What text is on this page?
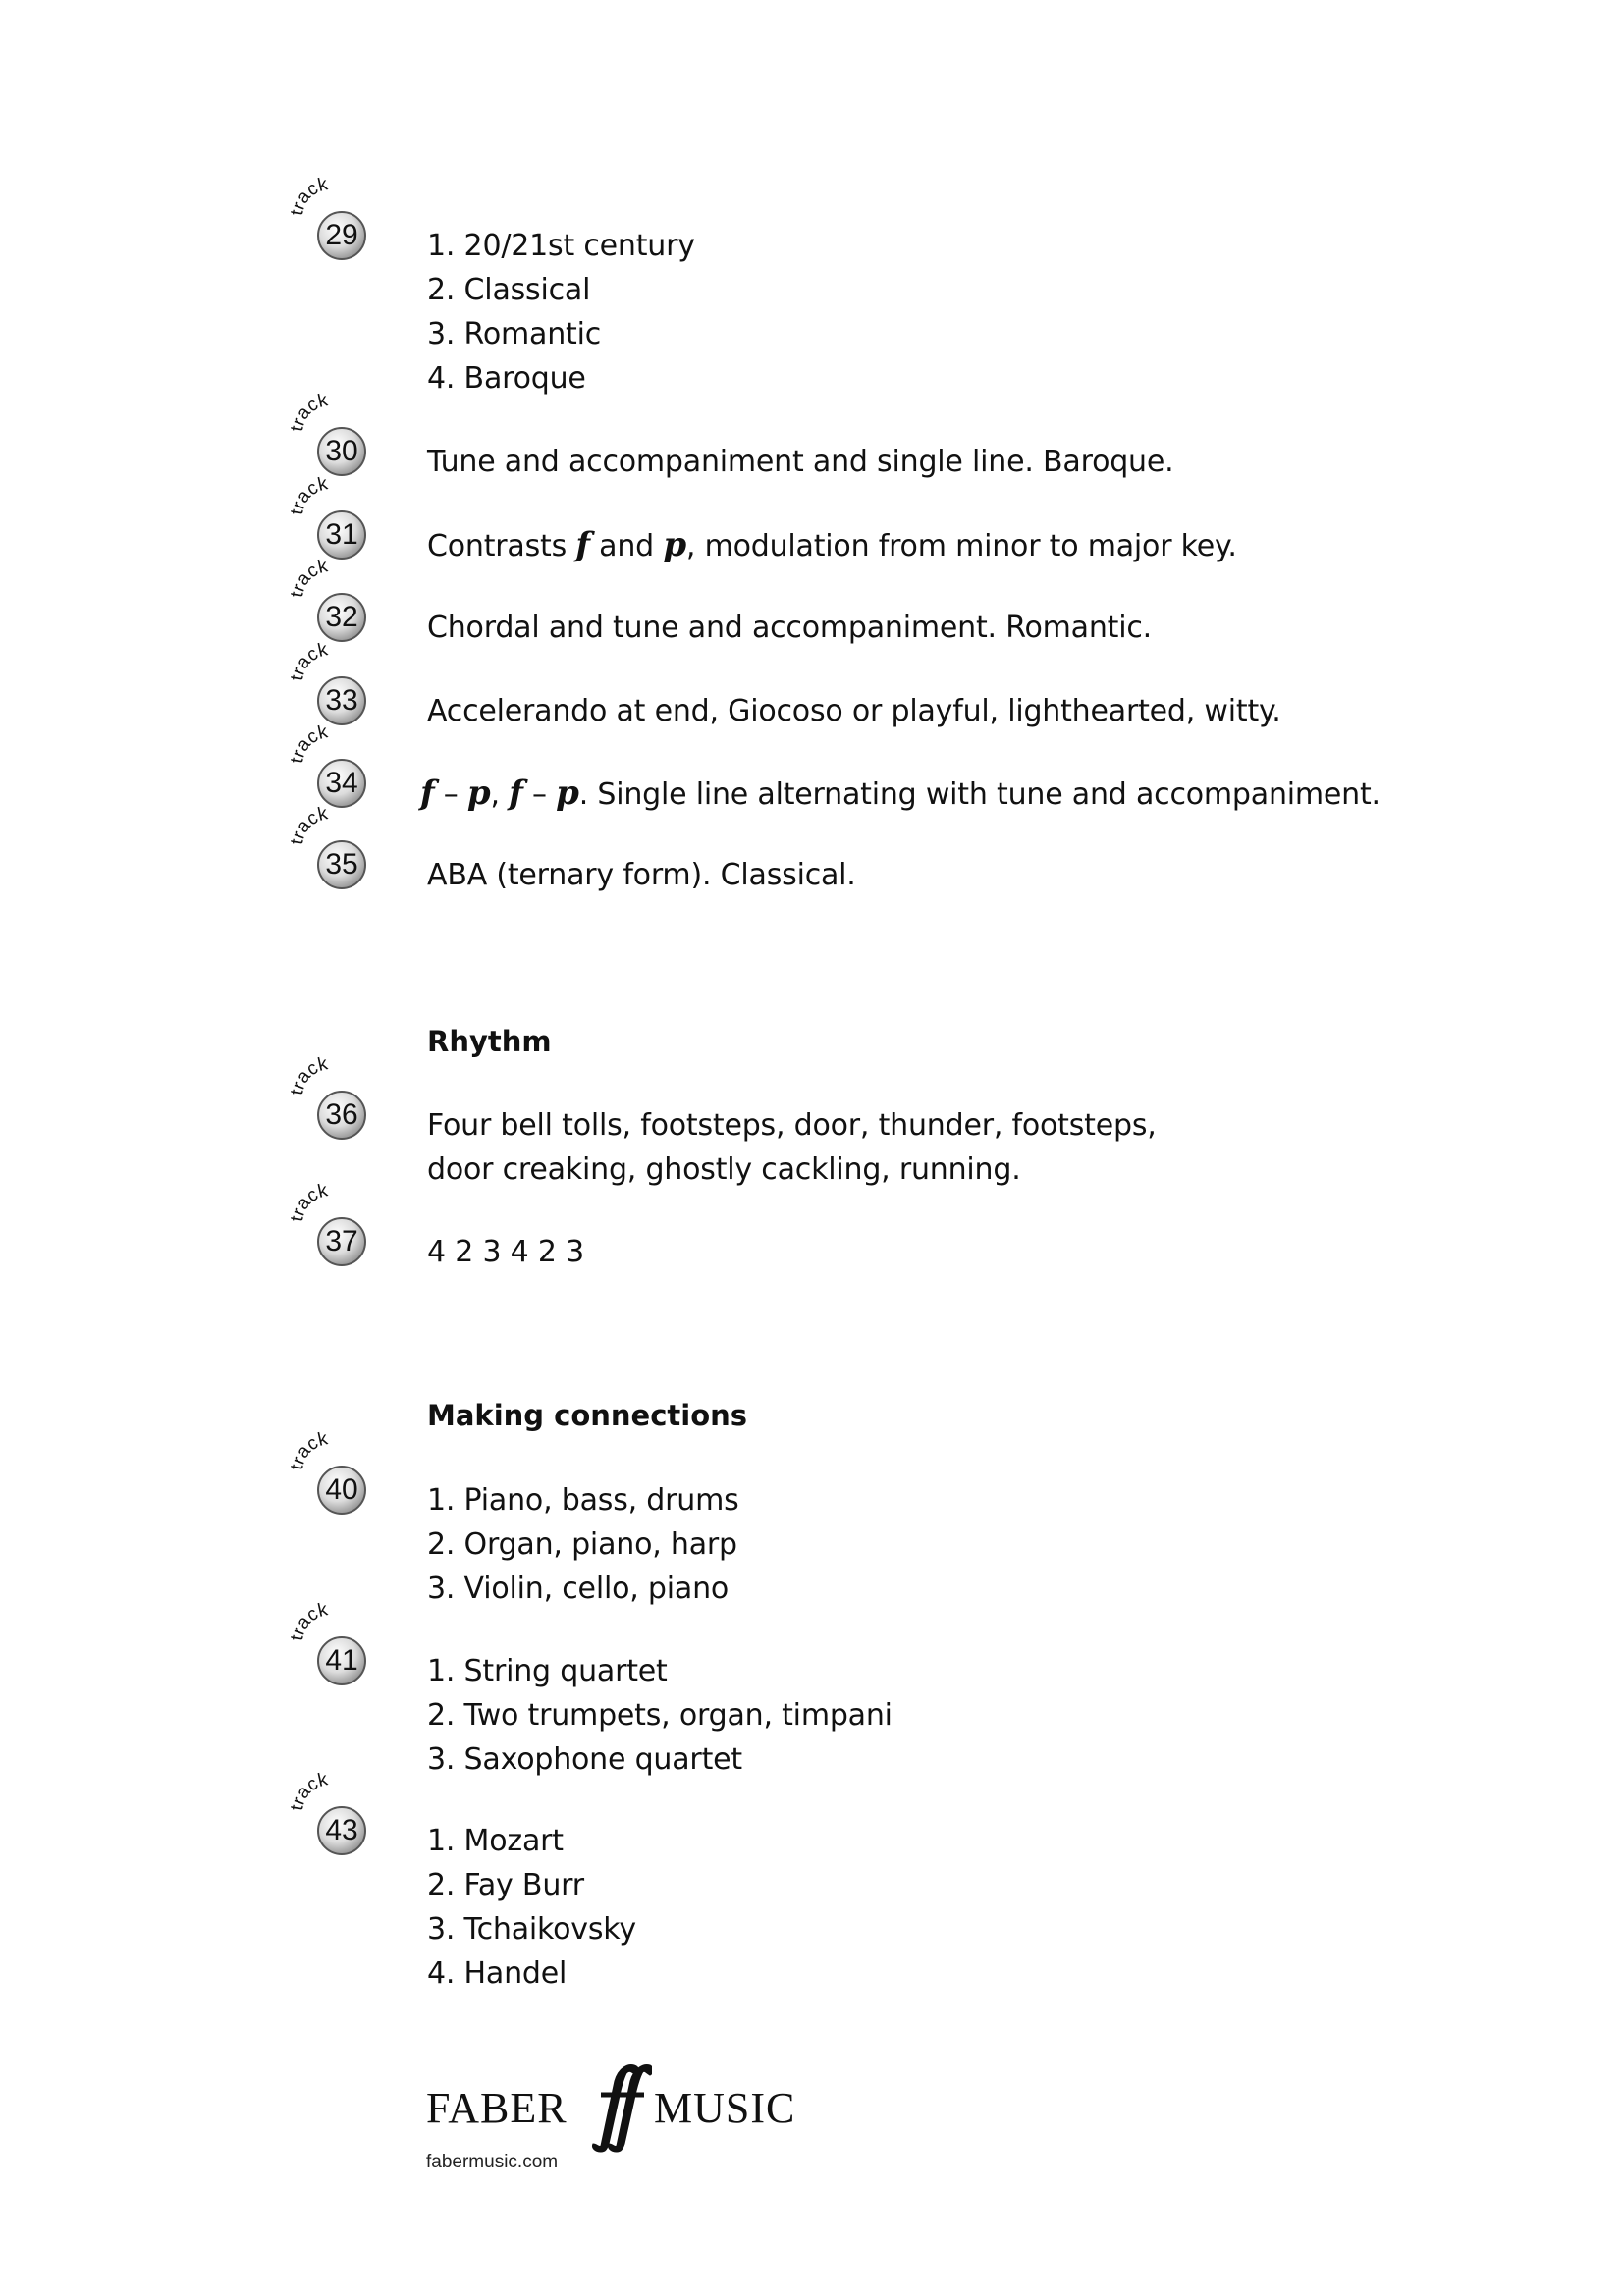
track
29 1. 20/21st century
2. Classical
3. Romantic
4. Baroque
track
30 Tune and accompaniment and single line. Baroque.
track
31 Contrasts f and p, modulation from minor to major key.
track
32 Chordal and tune and accompaniment. Romantic.
track
33 Accelerando at end, Giocoso or playful, lighthearted, witty.
track
34 f – p, f – p. Single line alternating with tune and accompaniment.
track
35 ABA (ternary form). Classical.
Rhythm
track
36 Four bell tolls, footsteps, door, thunder, footsteps,
door creaking, ghostly cackling, running.
track
37 4 2 3 4 2 3
Making connections
track
40 1. Piano, bass, drums
2. Organ, piano, harp
3. Violin, cello, piano
track
41 1. String quartet
2. Two trumpets, organ, timpani
3. Saxophone quartet
track
43 1. Mozart
2. Fay Burr
3. Tchaikovsky
4. Handel
FABER MUSIC
fabermusic.com
